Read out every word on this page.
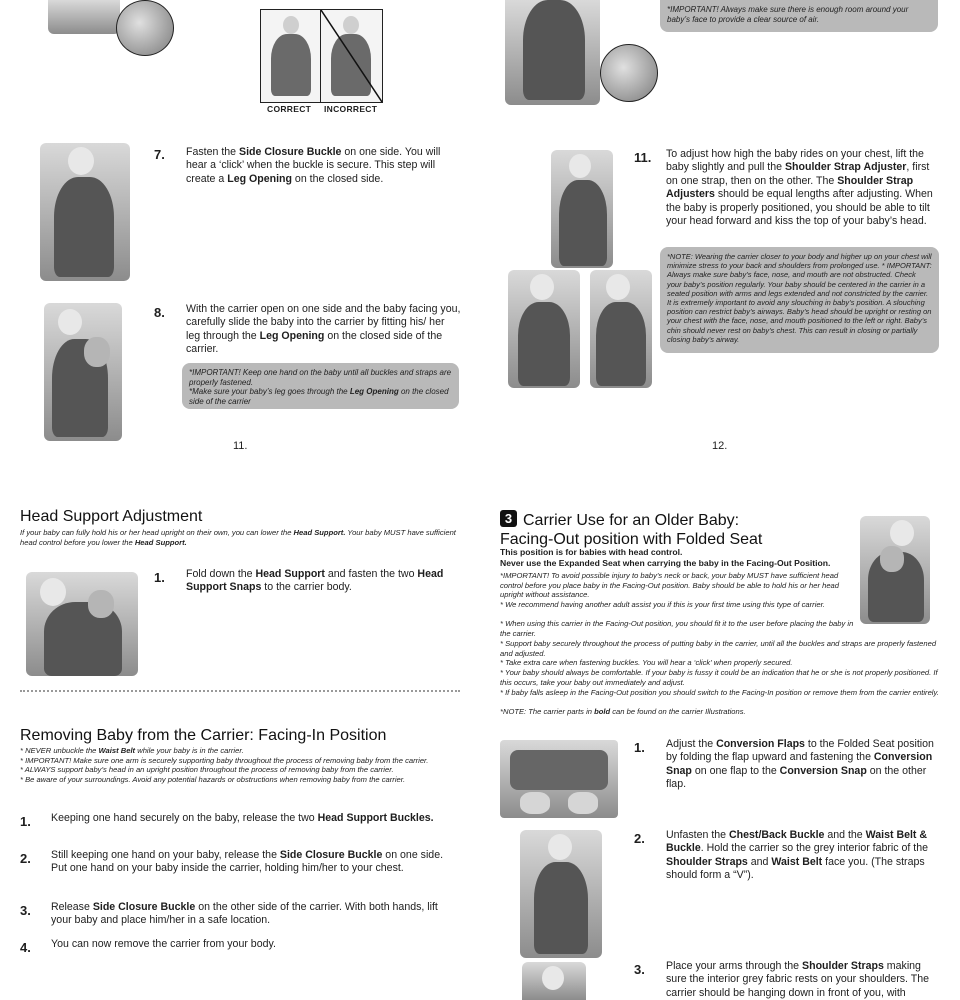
CORRECT INCORRECT
7. Fasten the Side Closure Buckle on one side. You will hear a ‘click’ when the buckle is secure. This step will create a Leg Opening on the closed side.
8. With the carrier open on one side and the baby facing you, carefully slide the baby into the carrier by fitting his/ her leg through the Leg Opening on the closed side of the carrier.
*IMPORTANT! Keep one hand on the baby until all buckles and straps are properly fastened.
*Make sure your baby’s leg goes through the Leg Opening on the closed side of the carrier
11.
*IMPORTANT! Always make sure there is enough room around your baby’s face to provide a clear source of air.
11. To adjust how high the baby rides on your chest, lift the baby slightly and pull the Shoulder Strap Adjuster, first on one strap, then on the other. The Shoulder Strap Adjusters should be equal lengths after adjusting. When the baby is properly positioned, you should be able to tilt your head forward and kiss the top of your baby’s head.
*NOTE: Wearing the carrier closer to your body and higher up on your chest will minimize stress to your back and shoulders from prolonged use. * IMPORTANT: Always make sure baby’s face, nose, and mouth are not obstructed. Check your baby’s position regularly. Your baby should be centered in the carrier in a seated position with arms and legs extended and not constricted by the carrier. It is extremely important to avoid any slouching in baby’s position. A slouching position can restrict baby’s airways. Baby’s head should be upright or resting on your chest with the face, nose, and mouth positioned to the left or right. Baby’s chin should never rest on baby’s chest. This can result in closing or partially closing baby’s airway.
12.
Head Support Adjustment
If your baby can fully hold his or her head upright on their own, you can lower the Head Support. Your baby MUST have sufficient head control before you lower the Head Support.
1. Fold down the Head Support and fasten the two Head Support Snaps to the carrier body.
Removing Baby from the Carrier: Facing-In Position
* NEVER unbuckle the Waist Belt while your baby is in the carrier.
* IMPORTANT! Make sure one arm is securely supporting baby throughout the process of removing baby from the carrier.
* ALWAYS support baby’s head in an upright position throughout the process of removing baby from the carrier.
* Be aware of your surroundings. Avoid any potential hazards or obstructions when removing baby from the carrier.
1. Keeping one hand securely on the baby, release the two Head Support Buckles.
2. Still keeping one hand on your baby, release the Side Closure Buckle on one side. Put one hand on your baby inside the carrier, holding him/her to your chest.
3. Release Side Closure Buckle on the other side of the carrier. With both hands, lift your baby and place him/her in a safe location.
4. You can now remove the carrier from your body.
3 Carrier Use for an Older Baby:
Facing-Out position with Folded Seat
This position is for babies with head control.
Never use the Expanded Seat when carrying the baby in the Facing-Out Position.
*IMPORTANT! To avoid possible injury to baby’s neck or back, your baby MUST have sufficient head control before you place baby in the Facing-Out position. Baby should be able to hold his or her head upright without assistance.
* We recommend having another adult assist you if this is your first time using this type of carrier.
* When using this carrier in the Facing-Out position, you should fit it to the user before placing the baby in the carrier.
* Support baby securely throughout the process of putting baby in the carrier, until all the buckles and straps are properly fastened and adjusted.
* Take extra care when fastening buckles. You will hear a ‘click’ when properly secured.
* Your baby should always be comfortable. If your baby is fussy it could be an indication that he or she is not properly positioned. If this occurs, take your baby out immediately and adjust.
* If baby falls asleep in the Facing-Out position you should switch to the Facing-In position or remove them from the carrier entirely.
*NOTE: The carrier parts in bold can be found on the carrier Illustrations.
1. Adjust the Conversion Flaps to the Folded Seat position by folding the flap upward and fastening the Conversion Snap on one flap to the Conversion Snap on the other flap.
2. Unfasten the Chest/Back Buckle and the Waist Belt & Buckle. Hold the carrier so the grey interior fabric of the Shoulder Straps and Waist Belt face you. (The straps should form a “V”).
3. Place your arms through the Shoulder Straps making sure the interior grey fabric rests on your shoulders. The carrier should be hanging down in front of you, with
